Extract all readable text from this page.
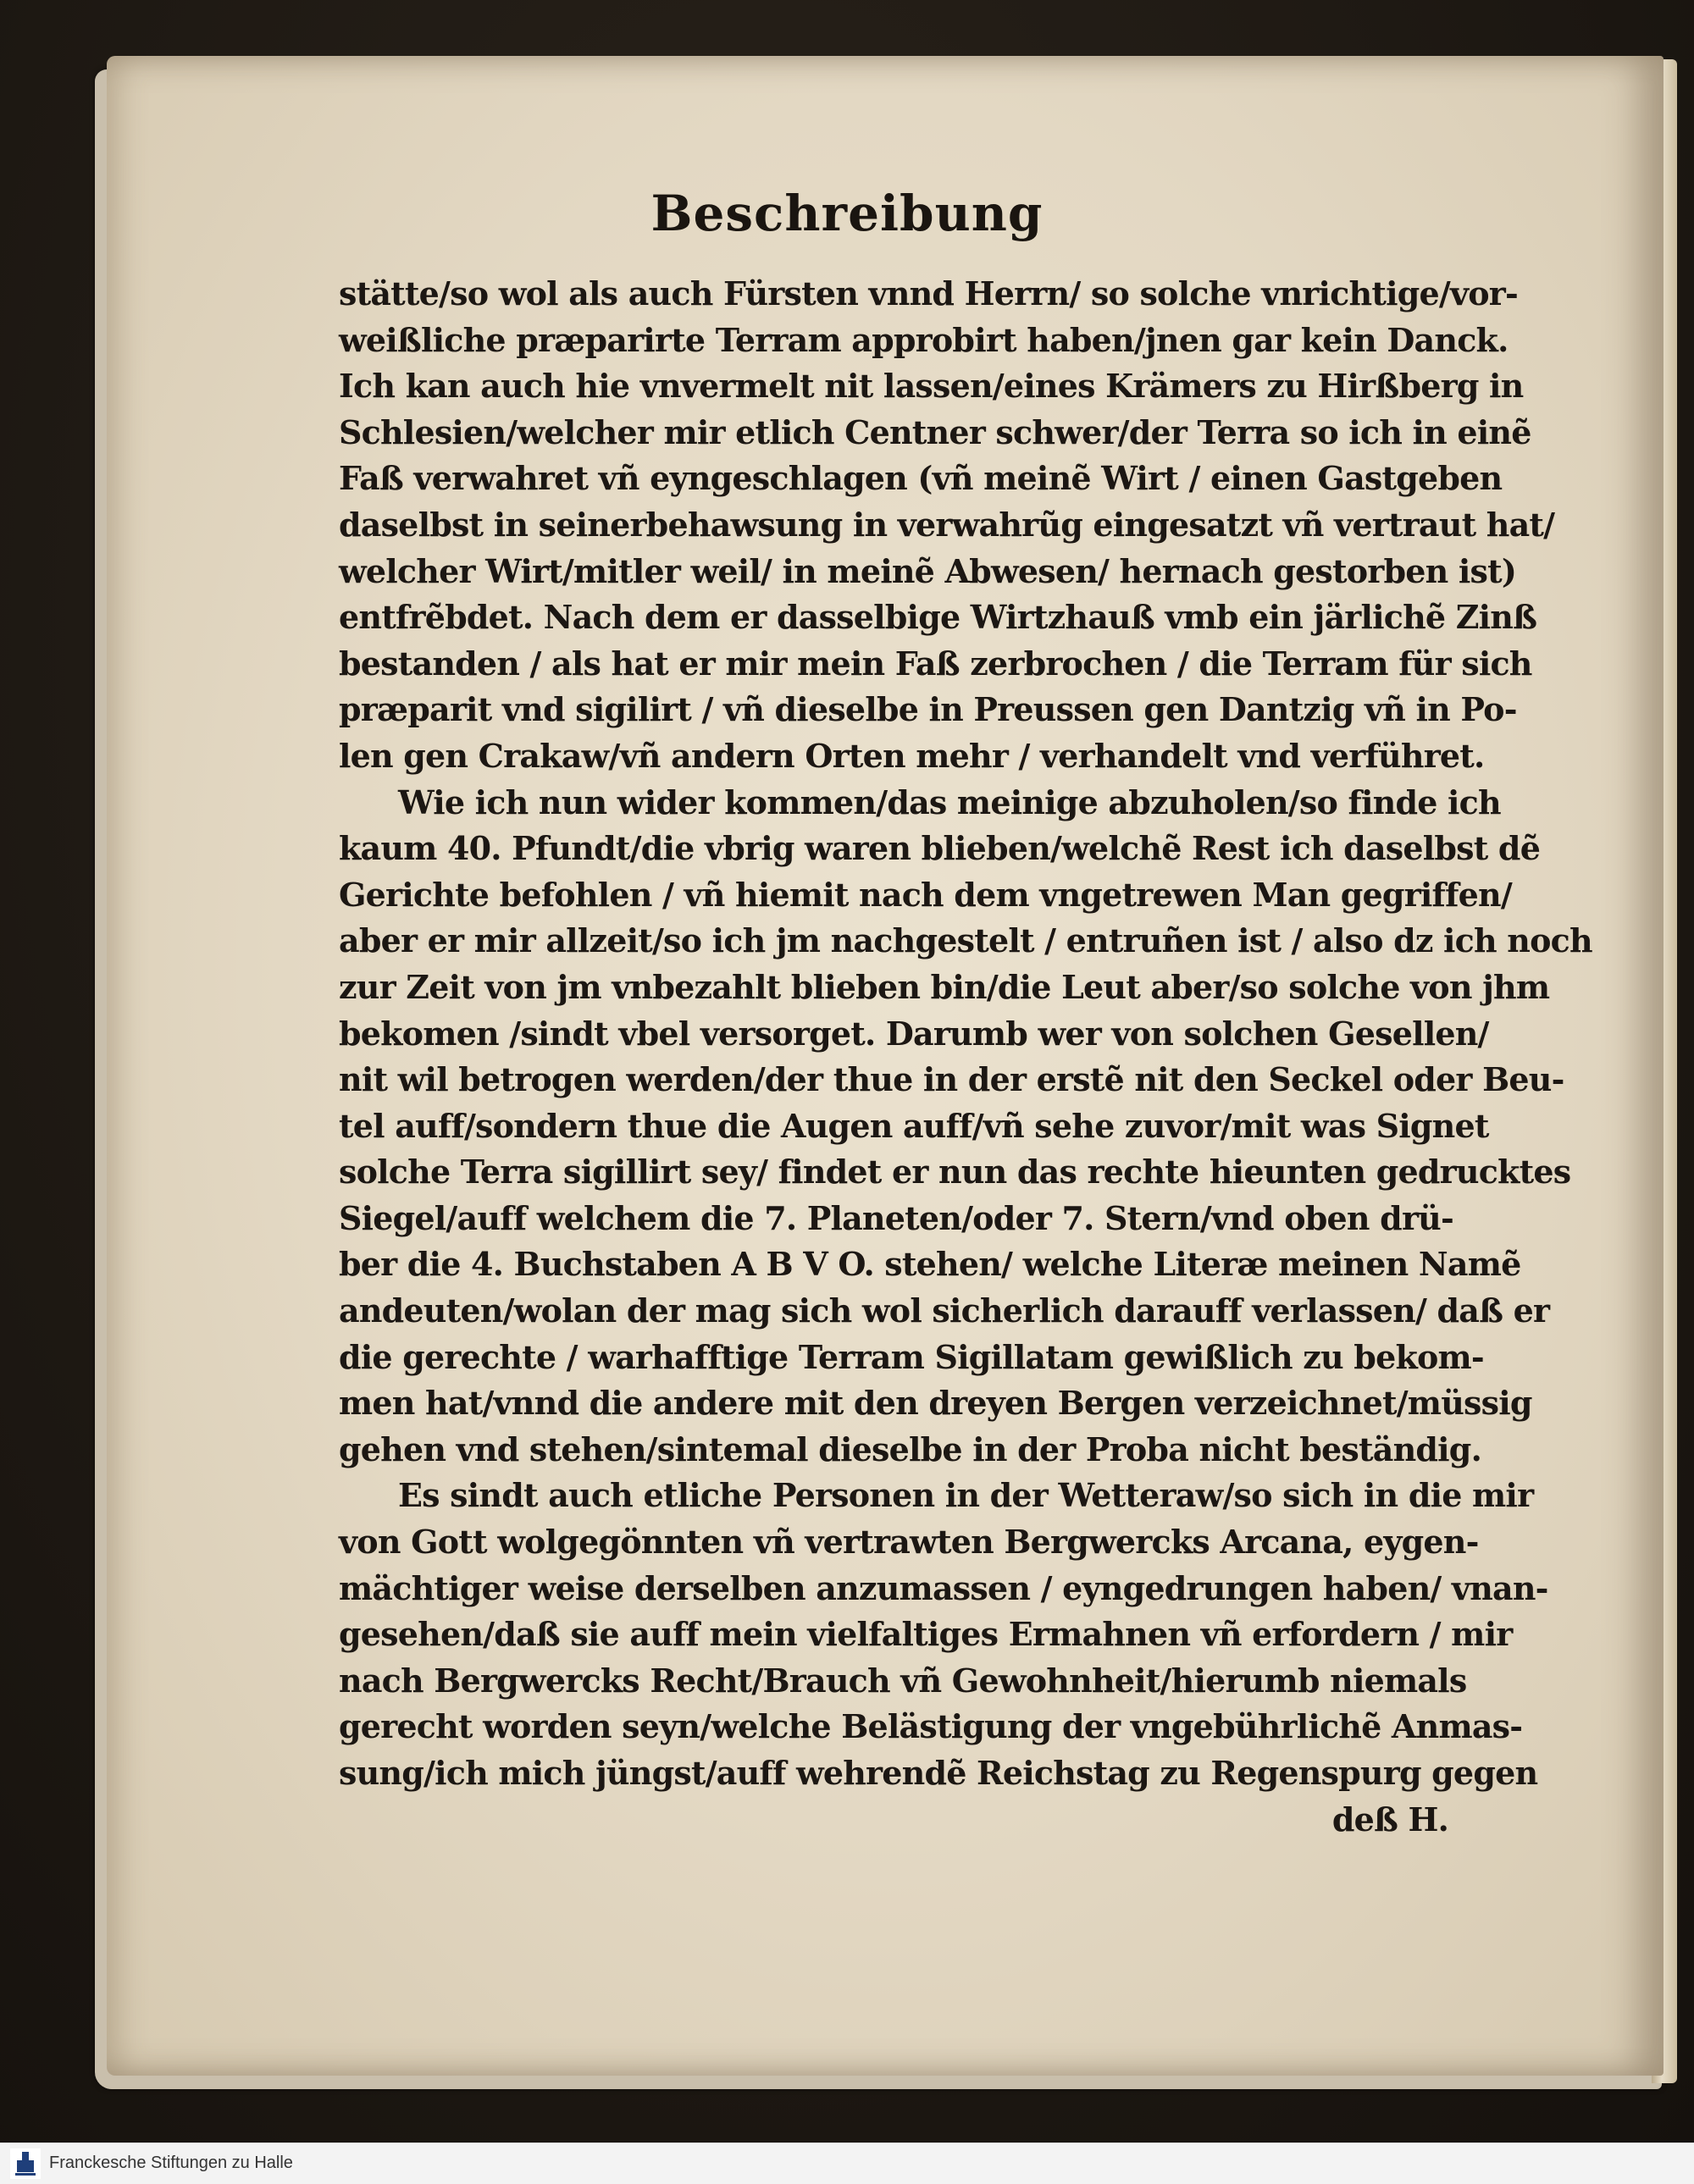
Beschreibung
stätte/so wol als auch Fürsten vnnd Herrn/ so solche vnrichtige/vor-
weißliche præparirte Terram approbirt haben/jnen gar kein Danck.
Ich kan auch hie vnvermelt nit lassen/eines Krämers zu Hirßberg in
Schlesien/welcher mir etlich Centner schwer/der Terra so ich in einẽ
Faß verwahret vñ eyngeschlagen (vñ meinẽ Wirt / einen Gastgeben
daselbst in seinerbehawsung in verwahrũg eingesatzt vñ vertraut hat/
welcher Wirt/mitler weil/ in meinẽ Abwesen/ hernach gestorben ist)
entfrẽbdet. Nach dem er dasselbige Wirtzhauß vmb ein järlichẽ Zinß
bestanden / als hat er mir mein Faß zerbrochen / die Terram für sich
præparit vnd sigilirt / vñ dieselbe in Preussen gen Dantzig vñ in Po-
len gen Crakaw/vñ andern Orten mehr / verhandelt vnd verführet.
Wie ich nun wider kommen/das meinige abzuholen/so finde ich
kaum 40. Pfundt/die vbrig waren blieben/welchẽ Rest ich daselbst dẽ
Gerichte befohlen / vñ hiemit nach dem vngetrewen Man gegriffen/
aber er mir allzeit/so ich jm nachgestelt / entruñen ist / also dz ich noch
zur Zeit von jm vnbezahlt blieben bin/die Leut aber/so solche von jhm
bekomen /sindt vbel versorget. Darumb wer von solchen Gesellen/
nit wil betrogen werden/der thue in der erstẽ nit den Seckel oder Beu-
tel auff/sondern thue die Augen auff/vñ sehe zuvor/mit was Signet
solche Terra sigillirt sey/ findet er nun das rechte hieunten gedrucktes
Siegel/auff welchem die 7. Planeten/oder 7. Stern/vnd oben drü-
ber die 4. Buchstaben A B V O. stehen/ welche Literæ meinen Namẽ
andeuten/wolan der mag sich wol sicherlich darauff verlassen/ daß er
die gerechte / warhafftige Terram Sigillatam gewißlich zu bekom-
men hat/vnnd die andere mit den dreyen Bergen verzeichnet/müssig
gehen vnd stehen/sintemal dieselbe in der Proba nicht beständig.
Es sindt auch etliche Personen in der Wetteraw/so sich in die mir
von Gott wolgegönnten vñ vertrawten Bergwercks Arcana, eygen-
mächtiger weise derselben anzumassen / eyngedrungen haben/ vnan-
gesehen/daß sie auff mein vielfaltiges Ermahnen vñ erfordern / mir
nach Bergwercks Recht/Brauch vñ Gewohnheit/hierumb niemals
gerecht worden seyn/welche Belästigung der vngebührlichẽ Anmas-
sung/ich mich jüngst/auff wehrendẽ Reichstag zu Regenspurg gegen
deß H.
Franckesche Stiftungen zu Halle
